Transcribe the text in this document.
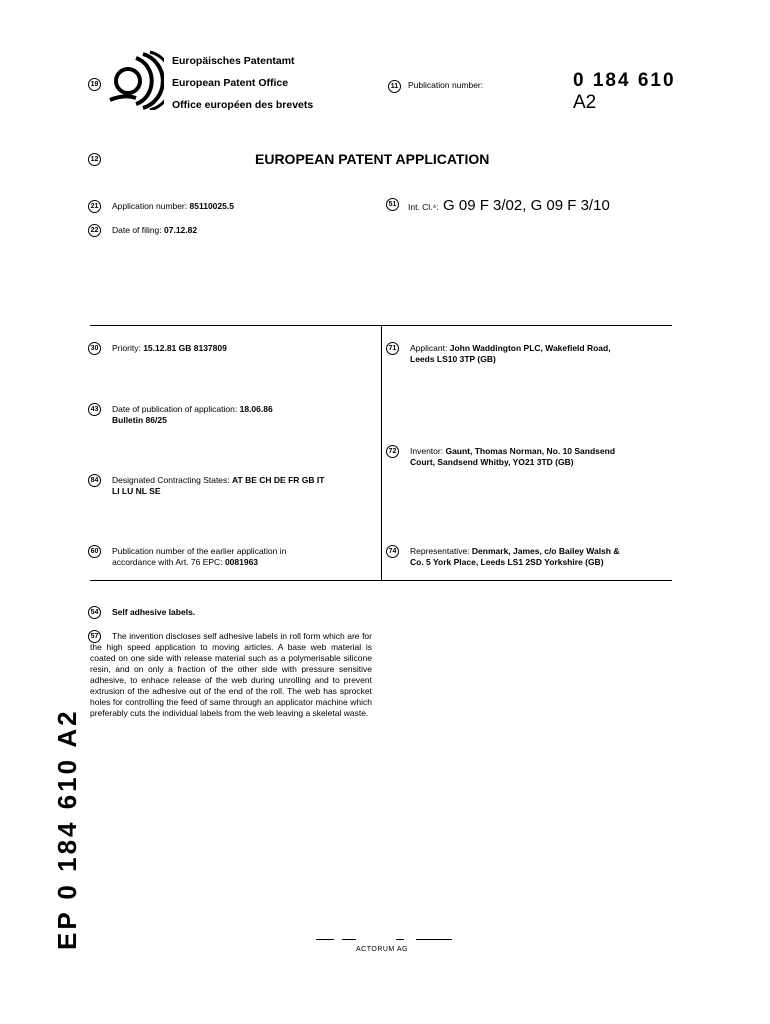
19
Europäisches Patentamt
European Patent Office
Office européen des brevets
11	Publication number:	0 184 610
A2
12	EUROPEAN PATENT APPLICATION
21	Application number: 85110025.5
22	Date of filing: 07.12.82
51	Int. Cl.⁴: G 09 F 3/02, G 09 F 3/10
30	Priority: 15.12.81 GB 8137809
43	Date of publication of application: 18.06.86
Bulletin 86/25
84	Designated Contracting States: AT BE CH DE FR GB IT
LI LU NL SE
60	Publication number of the earlier application in
accordance with Art. 76 EPC: 0081963
71	Applicant: John Waddington PLC, Wakefield Road,
Leeds LS10 3TP (GB)
72	Inventor: Gaunt, Thomas Norman, No. 10 Sandsend
Court, Sandsend Whitby, YO21 3TD (GB)
74	Representative: Denmark, James, c/o Bailey Walsh &
Co. 5 York Place, Leeds LS1 2SD Yorkshire (GB)
54	Self adhesive labels.
57	The invention discloses self adhesive labels in roll form which are for the high speed application to moving articles. A base web material is coated on one side with release material such as a polymerisable silicone resin, and on only a fraction of the other side with pressure sensitive adhesive, to enhace release of the web during unrolling and to prevent extrusion of the adhesive out of the end of the roll. The web has sprocket holes for controlling the feed of same through an applicator machine which preferably cuts the individual labels from the web leaving a skeletal waste.
EP 0 184 610 A2	ACTORUM AG
